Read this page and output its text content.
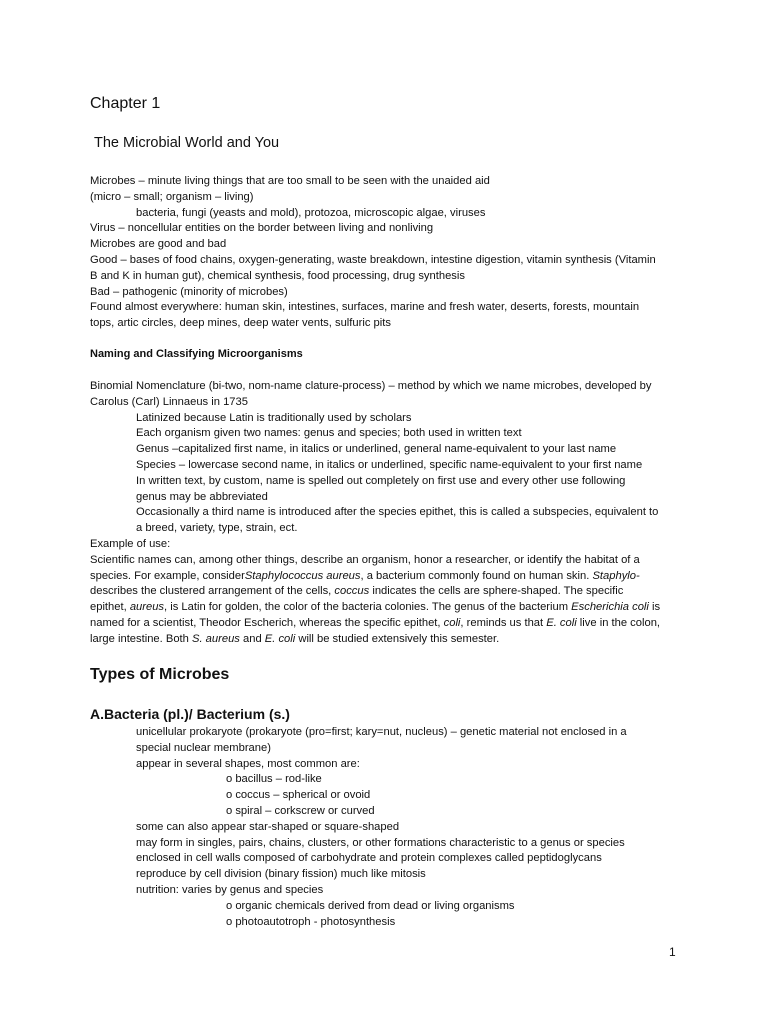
Chapter 1
The Microbial World and You
Microbes – minute living things that are too small to be seen with the unaided aid
(micro – small; organism – living)
bacteria, fungi (yeasts and mold), protozoa, microscopic algae, viruses
Virus – noncellular entities on the border between living and nonliving
Microbes are good and bad
Good – bases of food chains, oxygen-generating, waste breakdown, intestine digestion, vitamin synthesis (Vitamin
B and K in human gut), chemical synthesis, food processing, drug synthesis
Bad – pathogenic (minority of microbes)
Found almost everywhere: human skin, intestines, surfaces, marine and fresh water, deserts, forests, mountain
tops, artic circles, deep mines, deep water vents, sulfuric pits
Naming and Classifying Microorganisms
Binomial Nomenclature (bi-two, nom-name clature-process) – method by which we name microbes, developed by
Carolus (Carl) Linnaeus in 1735
Latinized because Latin is traditionally used by scholars
Each organism given two names: genus and species; both used in written text
Genus –capitalized first name, in italics or underlined, general name-equivalent to your last name
Species – lowercase second name, in italics or underlined, specific name-equivalent to your first name
In written text, by custom, name is spelled out completely on first use and every other use following
genus may be abbreviated
Occasionally a third name is introduced after the species epithet, this is called a subspecies, equivalent to
a breed, variety, type, strain, ect.
Example of use:
Scientific names can, among other things, describe an organism, honor a researcher, or identify the habitat of a
species. For example, considerStaphylococcus aureus, a bacterium commonly found on human skin. Staphylo-
describes the clustered arrangement of the cells, coccus indicates the cells are sphere-shaped. The specific
epithet, aureus, is Latin for golden, the color of the bacteria colonies. The genus of the bacterium Escherichia coli is
named for a scientist, Theodor Escherich, whereas the specific epithet, coli, reminds us that E. coli live in the colon,
large intestine. Both S. aureus and E. coli will be studied extensively this semester.
Types of Microbes
A.Bacteria (pl.)/ Bacterium (s.)
unicellular prokaryote (prokaryote (pro=first; kary=nut, nucleus) – genetic material not enclosed in a
special nuclear membrane)
appear in several shapes, most common are:
o bacillus – rod-like
o coccus – spherical or ovoid
o spiral – corkscrew or curved
some can also appear star-shaped or square-shaped
may form in singles, pairs, chains, clusters, or other formations characteristic to a genus or species
enclosed in cell walls composed of carbohydrate and protein complexes called peptidoglycans
reproduce by cell division (binary fission) much like mitosis
nutrition: varies by genus and species
o organic chemicals derived from dead or living organisms
o photoautotroph - photosynthesis
1
